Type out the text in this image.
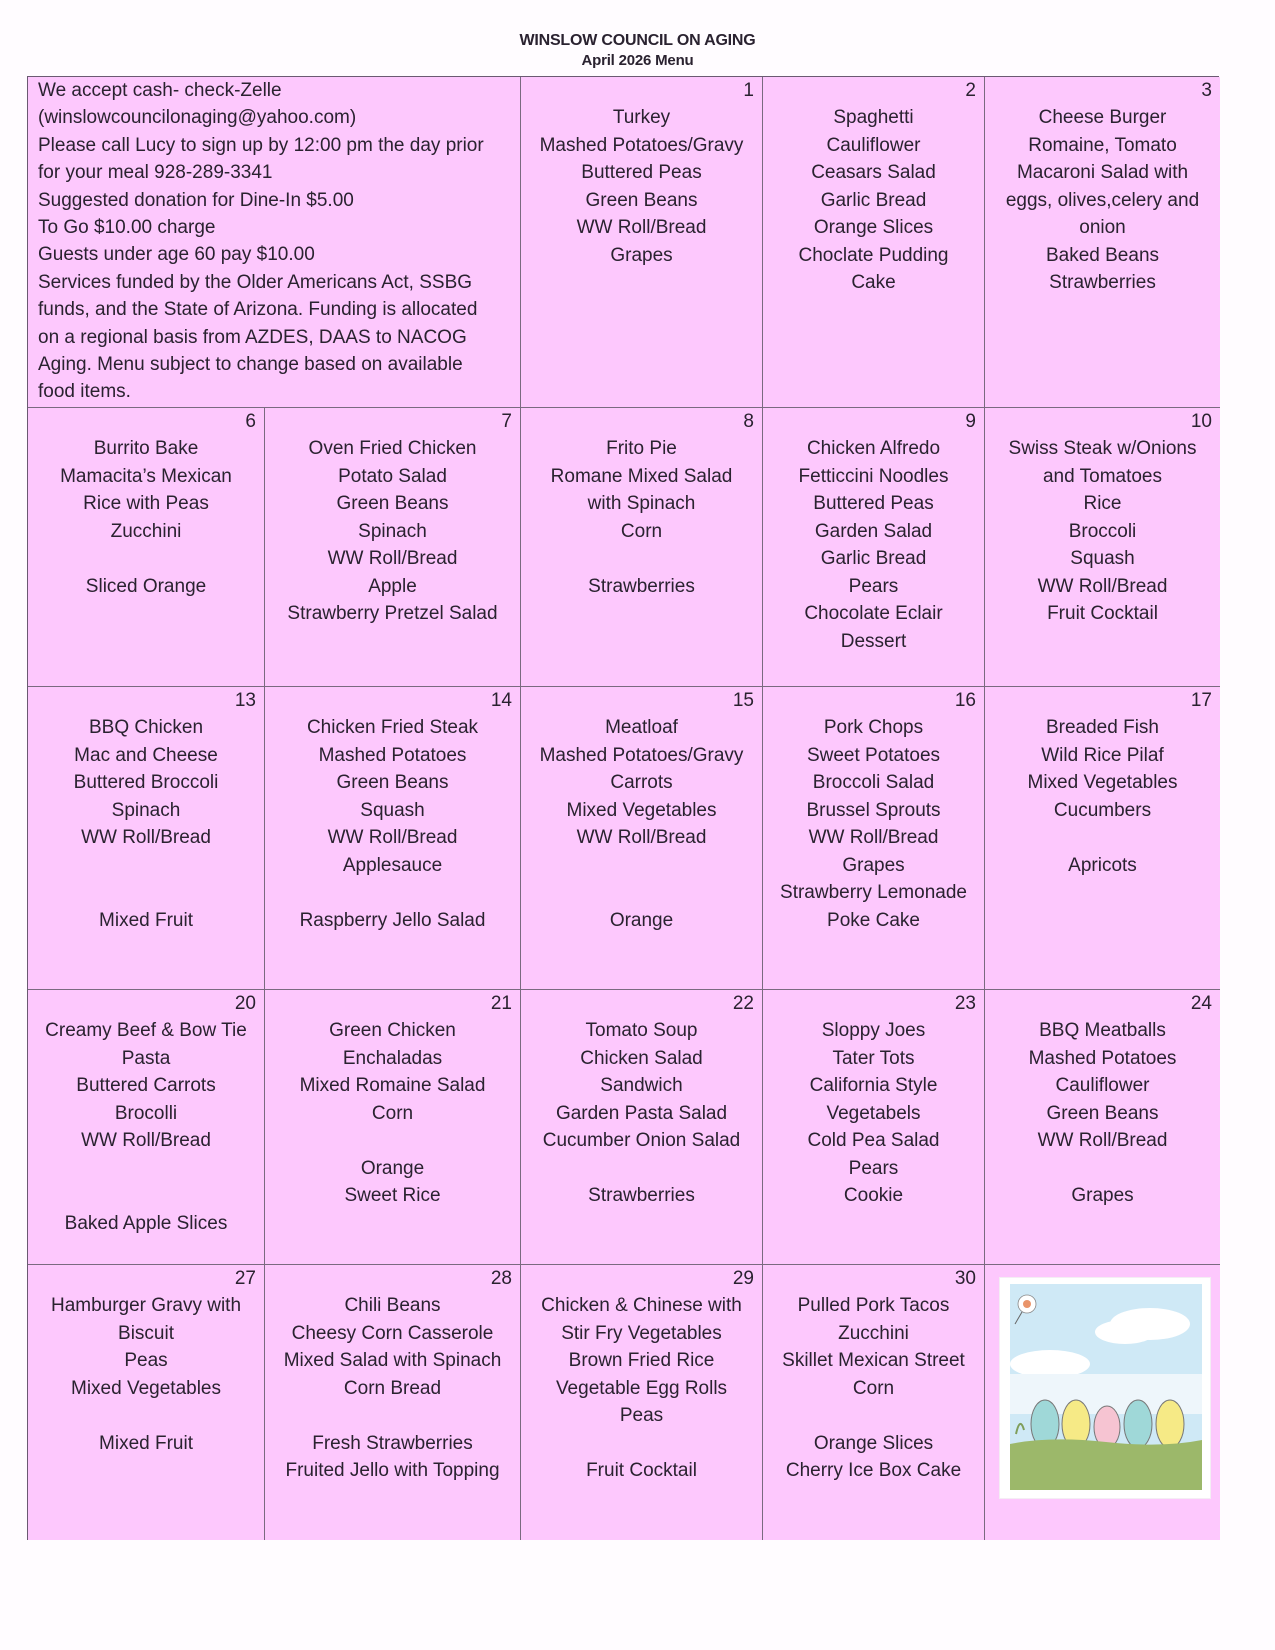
WINSLOW COUNCIL ON AGING
April 2026 Menu
We accept cash- check-Zelle
(winslowcouncilonaging@yahoo.com)
Please call Lucy to sign up by 12:00 pm the day prior
for your meal 928-289-3341
Suggested donation for Dine-In $5.00
To Go $10.00 charge
Guests under age 60 pay $10.00
Services funded by the Older Americans Act, SSBG
funds, and the State of Arizona. Funding is allocated
on a regional basis from AZDES, DAAS to NACOG
Aging. Menu subject to change based on available
food items.
1
Turkey
Mashed Potatoes/Gravy
Buttered Peas
Green Beans
WW Roll/Bread
Grapes
2
Spaghetti
Cauliflower
Ceasars Salad
Garlic Bread
Orange Slices
Choclate Pudding
Cake
3
Cheese Burger
Romaine, Tomato
Macaroni Salad with
eggs, olives,celery and
onion
Baked Beans
Strawberries
6
Burrito Bake
Mamacita’s Mexican
Rice with Peas
Zucchini
Sliced Orange
7
Oven Fried Chicken
Potato Salad
Green Beans
Spinach
WW Roll/Bread
Apple
Strawberry Pretzel Salad
8
Frito Pie
Romane Mixed Salad
with Spinach
Corn
Strawberries
9
Chicken Alfredo
Fetticcini Noodles
Buttered Peas
Garden Salad
Garlic Bread
Pears
Chocolate Eclair
Dessert
10
Swiss Steak w/Onions
and Tomatoes
Rice
Broccoli
Squash
WW Roll/Bread
Fruit Cocktail
13
BBQ Chicken
Mac and Cheese
Buttered Broccoli
Spinach
WW Roll/Bread
Mixed Fruit
14
Chicken Fried Steak
Mashed Potatoes
Green Beans
Squash
WW Roll/Bread
Applesauce
Raspberry Jello Salad
15
Meatloaf
Mashed Potatoes/Gravy
Carrots
Mixed Vegetables
WW Roll/Bread
Orange
16
Pork Chops
Sweet Potatoes
Broccoli Salad
Brussel Sprouts
WW Roll/Bread
Grapes
Strawberry Lemonade
Poke Cake
17
Breaded Fish
Wild Rice Pilaf
Mixed Vegetables
Cucumbers
Apricots
20
Creamy Beef & Bow Tie
Pasta
Buttered Carrots
Brocolli
WW Roll/Bread
Baked Apple Slices
21
Green Chicken
Enchaladas
Mixed Romaine Salad
Corn
Orange
Sweet Rice
22
Tomato Soup
Chicken Salad
Sandwich
Garden Pasta Salad
Cucumber Onion Salad
Strawberries
23
Sloppy Joes
Tater Tots
California Style
Vegetabels
Cold Pea Salad
Pears
Cookie
24
BBQ Meatballs
Mashed Potatoes
Cauliflower
Green Beans
WW Roll/Bread
Grapes
27
Hamburger Gravy with
Biscuit
Peas
Mixed Vegetables
Mixed Fruit
28
Chili Beans
Cheesy Corn Casserole
Mixed Salad with Spinach
Corn Bread
Fresh Strawberries
Fruited Jello with Topping
29
Chicken & Chinese with
Stir Fry Vegetables
Brown Fried Rice
Vegetable Egg Rolls
Peas
Fruit Cocktail
30
Pulled Pork Tacos
Zucchini
Skillet Mexican Street
Corn
Orange Slices
Cherry Ice Box Cake
